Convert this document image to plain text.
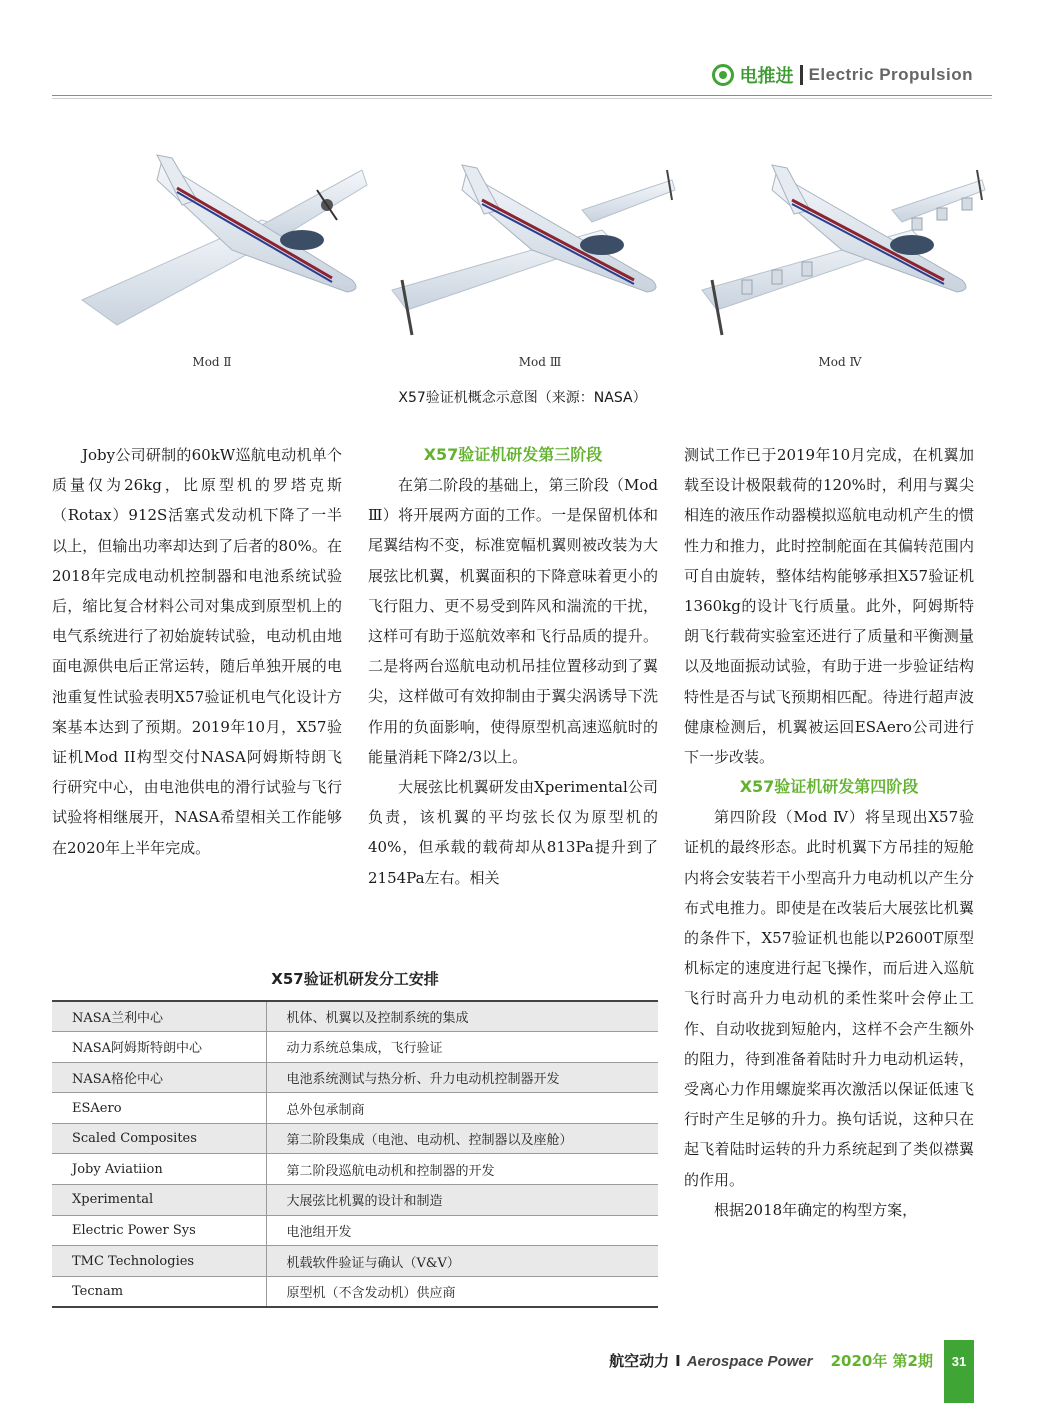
电推进 Electric Propulsion
Mod Ⅱ	Mod Ⅲ	Mod Ⅳ
X57验证机概念示意图（来源：NASA）

Joby公司研制的60kW巡航电动机单个质量仅为26kg，比原型机的罗塔克斯（Rotax）912S活塞式发动机下降了一半以上，但输出功率却达到了后者的80%。在2018年完成电动机控制器和电池系统试验后，缩比复合材料公司对集成到原型机上的电气系统进行了初始旋转试验，电动机由地面电源供电后正常运转，随后单独开展的电池重复性试验表明X57验证机电气化设计方案基本达到了预期。2019年10月，X57验证机Mod II构型交付NASA阿姆斯特朗飞行研究中心，由电池供电的滑行试验与飞行试验将相继展开，NASA希望相关工作能够在2020年上半年完成。

X57验证机研发第三阶段

在第二阶段的基础上，第三阶段（Mod Ⅲ）将开展两方面的工作。一是保留机体和尾翼结构不变，标准宽幅机翼则被改装为大展弦比机翼，机翼面积的下降意味着更小的飞行阻力、更不易受到阵风和湍流的干扰，这样可有助于巡航效率和飞行品质的提升。二是将两台巡航电动机吊挂位置移动到了翼尖，这样做可有效抑制由于翼尖涡诱导下洗作用的负面影响，使得原型机高速巡航时的能量消耗下降2/3以上。

大展弦比机翼研发由Xperimental公司负责，该机翼的平均弦长仅为原型机的40%，但承载的载荷却从813Pa提升到了2154Pa左右。相关

测试工作已于2019年10月完成，在机翼加载至设计极限载荷的120%时，利用与翼尖相连的液压作动器模拟巡航电动机产生的惯性力和推力，此时控制舵面在其偏转范围内可自由旋转，整体结构能够承担X57验证机1360kg的设计飞行质量。此外，阿姆斯特朗飞行载荷实验室还进行了质量和平衡测量以及地面振动试验，有助于进一步验证结构特性是否与试飞预期相匹配。待进行超声波健康检测后，机翼被运回ESAero公司进行下一步改装。

X57验证机研发第四阶段

第四阶段（Mod Ⅳ）将呈现出X57验证机的最终形态。此时机翼下方吊挂的短舱内将会安装若干小型高升力电动机以产生分布式电推力。即使是在改装后大展弦比机翼的条件下，X57验证机也能以P2600T原型机标定的速度进行起飞操作，而后进入巡航飞行时高升力电动机的柔性桨叶会停止工作、自动收拢到短舱内，这样不会产生额外的阻力，待到准备着陆时升力电动机运转，受离心力作用螺旋桨再次激活以保证低速飞行时产生足够的升力。换句话说，这种只在起飞着陆时运转的升力系统起到了类似襟翼的作用。

根据2018年确定的构型方案，

X57验证机研发分工安排
NASA兰利中心	机体、机翼以及控制系统的集成
NASA阿姆斯特朗中心	动力系统总集成，飞行验证
NASA格伦中心	电池系统测试与热分析、升力电动机控制器开发
ESAero	总外包承制商
Scaled Composites	第二阶段集成（电池、电动机、控制器以及座舱）
Joby Aviatiion	第二阶段巡航电动机和控制器的开发
Xperimental	大展弦比机翼的设计和制造
Electric Power Sys	电池组开发
TMC Technologies	机载软件验证与确认（V&V）
Tecnam	原型机（不含发动机）供应商
航空动力 I Aerospace Power 2020年 第2期	31
